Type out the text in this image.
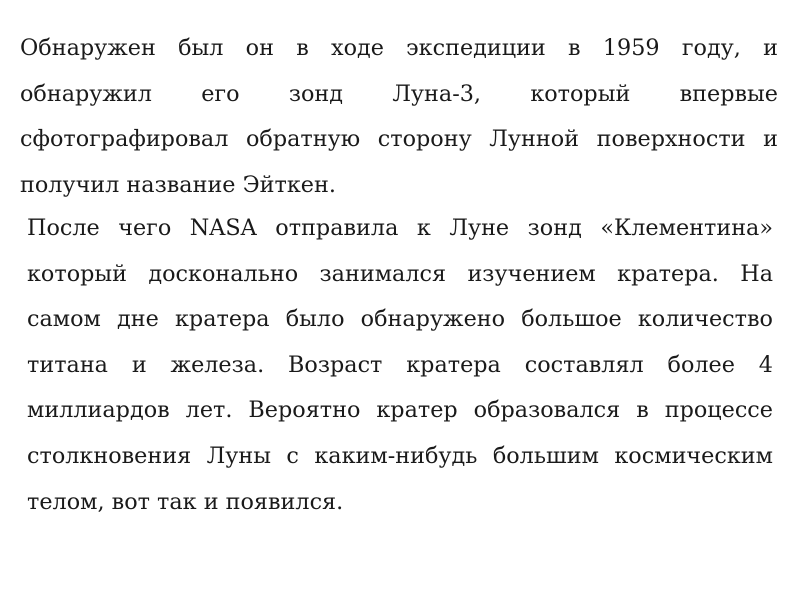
Обнаружен был он в ходе экспедиции в 1959 году, и обнаружил его зонд Луна-3, который впервые сфотографировал обратную сторону Лунной поверхности и получил название Эйткен.

После чего NASA отправила к Луне зонд «Клементина» который досконально занимался изучением кратера. На самом дне кратера было обнаружено большое количество титана и железа. Возраст кратера составлял более 4 миллиардов лет. Вероятно кратер образовался в процессе столкновения Луны с каким-нибудь большим космическим телом, вот так и появился.
